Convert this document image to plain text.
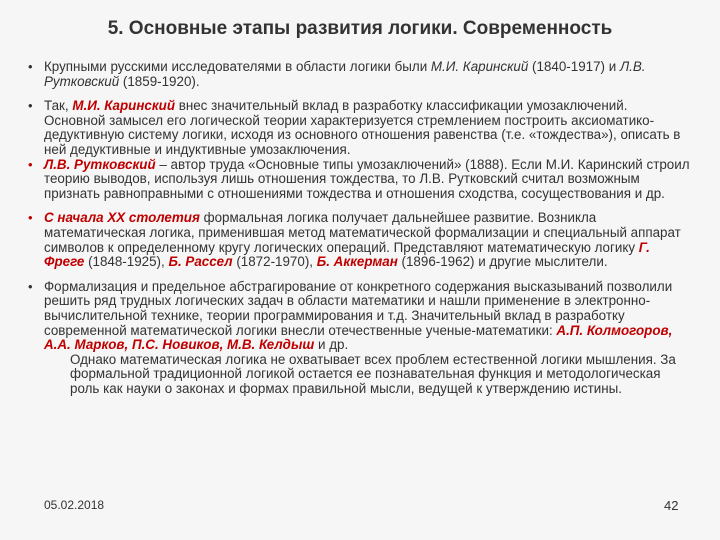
5. Основные этапы развития логики. Современность
• Крупными русскими исследователями в области логики были М.И. Каринский (1840-1917) и Л.В. Рутковский (1859-1920).
• Так, М.И. Каринский внес значительный вклад в разработку классификации умозаключений. Основной замысел его логической теории характеризуется стремлением построить аксиоматико-дедуктивную систему логики, исходя из основного отношения равенства (т.е. «тождества»), описать в ней дедуктивные и индуктивные умозаключения.
• Л.В. Рутковский – автор труда «Основные типы умозаключений» (1888). Если М.И. Каринский строил теорию выводов, используя лишь отношения тождества, то Л.В. Рутковский считал возможным признать равноправными с отношениями тождества и отношения сходства, сосуществования и др.
• С начала XX столетия формальная логика получает дальнейшее развитие. Возникла математическая логика, применившая метод математической формализации и специальный аппарат символов к определенному кругу логических операций. Представляют математическую логику Г. Фреге (1848-1925), Б. Рассел (1872-1970), Б. Аккерман (1896-1962) и другие мыслители.
• Формализация и предельное абстрагирование от конкретного содержания высказываний позволили решить ряд трудных логических задач в области математики и нашли применение в электронно-вычислительной технике, теории программирования и т.д. Значительный вклад в разработку современной математической логики внесли отечественные ученые-математики: А.П. Колмогоров, А.А. Марков, П.С. Новиков, М.В. Келдыш и др.
Однако математическая логика не охватывает всех проблем естественной логики мышления. За формальной традиционной логикой остается ее познавательная функция и методологическая роль как науки о законах и формах правильной мысли, ведущей к утверждению истины.
05.02.2018	42
